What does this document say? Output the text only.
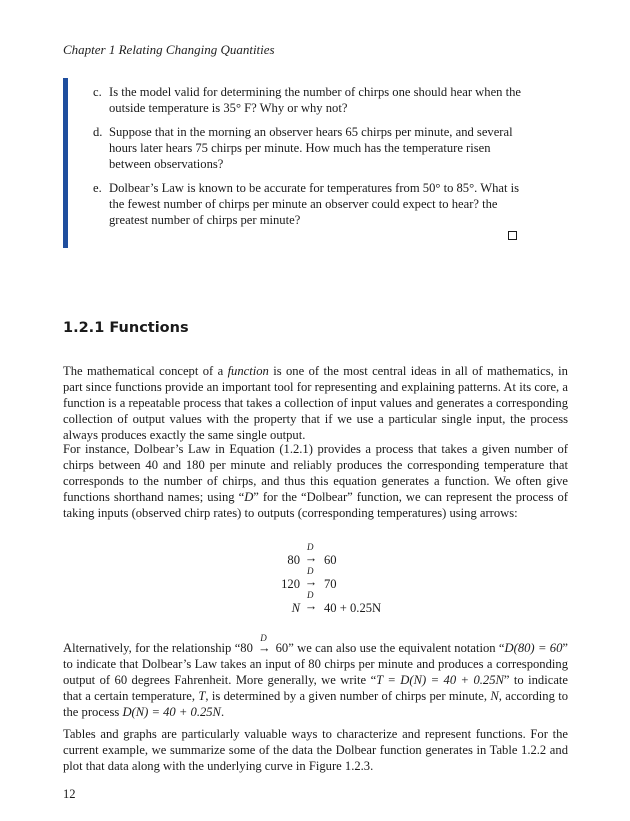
Chapter 1 Relating Changing Quantities
c. Is the model valid for determining the number of chirps one should hear when the outside temperature is 35° F? Why or why not?
d. Suppose that in the morning an observer hears 65 chirps per minute, and several hours later hears 75 chirps per minute. How much has the temperature risen between observations?
e. Dolbear’s Law is known to be accurate for temperatures from 50° to 85°. What is the fewest number of chirps per minute an observer could expect to hear? the greatest number of chirps per minute?
1.2.1 Functions
The mathematical concept of a function is one of the most central ideas in all of mathematics, in part since functions provide an important tool for representing and explaining patterns. At its core, a function is a repeatable process that takes a collection of input values and generates a corresponding collection of output values with the property that if we use a particular single input, the process always produces exactly the same single output.
For instance, Dolbear’s Law in Equation (1.2.1) provides a process that takes a given number of chirps between 40 and 180 per minute and reliably produces the corresponding temperature that corresponds to the number of chirps, and thus this equation generates a function. We often give functions shorthand names; using “D” for the “Dolbear” function, we can represent the process of taking inputs (observed chirp rates) to outputs (corresponding temperatures) using arrows:
80
D
→ 60
120
D
→ 70
N
D
→ 40 + 0.25N
Alternatively, for the relationship “80
D
→ 60” we can also use the equivalent notation “D(80) = 60” to indicate that Dolbear’s Law takes an input of 80 chirps per minute and produces a corresponding output of 60 degrees Fahrenheit. More generally, we write “T = D(N) = 40 + 0.25N” to indicate that a certain temperature, T, is determined by a given number of chirps per minute, N, according to the process D(N) = 40 + 0.25N.
Tables and graphs are particularly valuable ways to characterize and represent functions. For the current example, we summarize some of the data the Dolbear function generates in Table 1.2.2 and plot that data along with the underlying curve in Figure 1.2.3.
12
